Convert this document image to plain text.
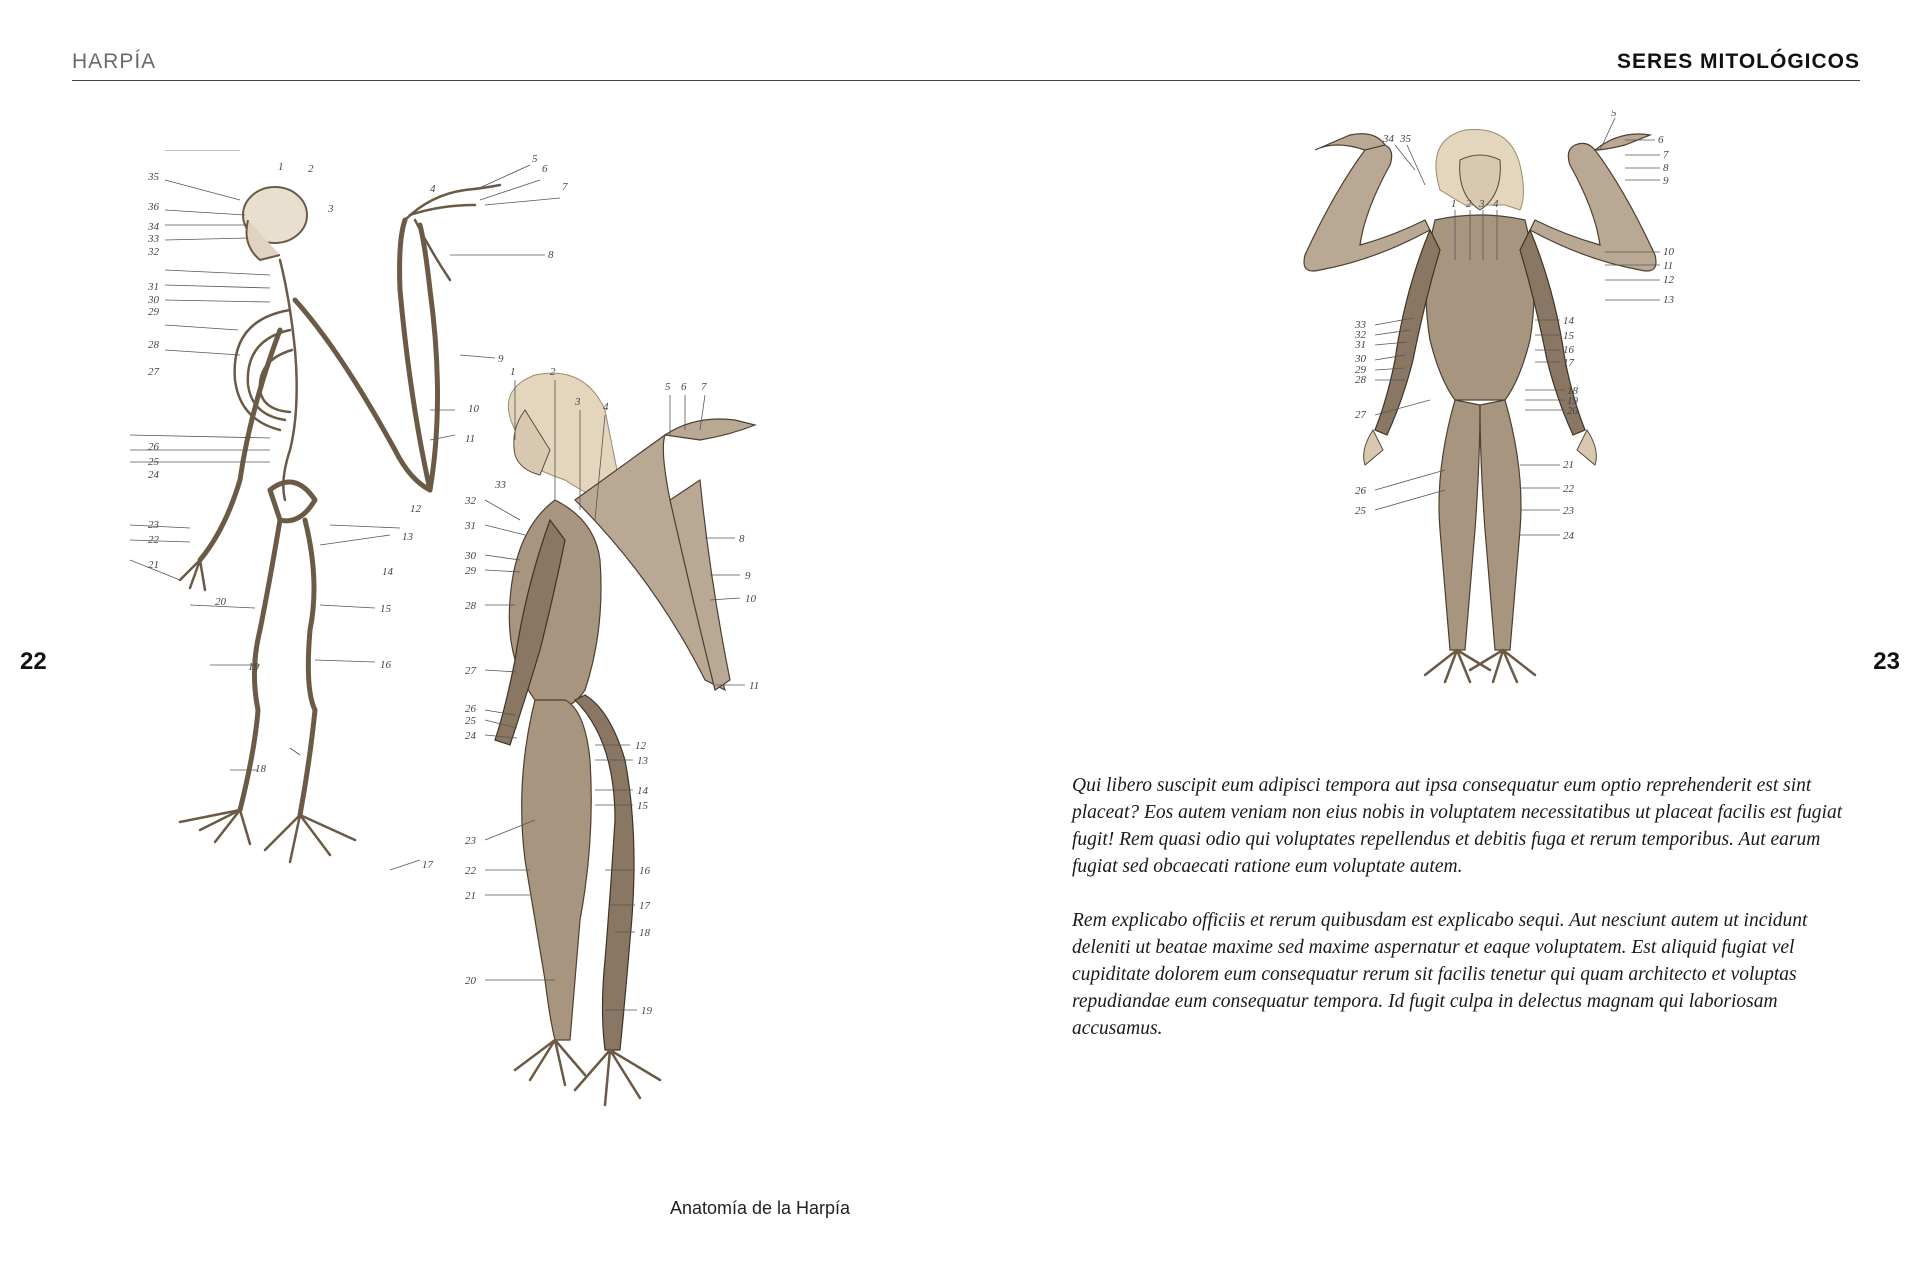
HARPÍA	SERES MITOLÓGICOS
22	23
35
36
34
33
32
31
30
29
28
27
26
25
24
23
22
21
20
19
18
17
16
15
14
13
12
11
10
9
8
7
6
5
4
3
2
1
1	2
3 4
5 6 7
8
9
10
11
12
13
14
15
16
17
18
19
20
21
22
23
24
25
26
27
28
29
30
31
32
33
Anatomía de la Harpía
34 35
1 2 3 4
5
6
7
8
9
10
11
12
13
14
15
16
17
18
19
20
21
22
23
24
25
26
27
28
29
30
31
32
33

Qui libero suscipit eum adipisci tempora aut ipsa consequatur eum optio reprehenderit est sint placeat? Eos autem veniam non eius nobis in voluptatem necessitatibus ut placeat facilis est fugiat fugit! Rem quasi odio qui voluptates repellendus et debitis fuga et rerum temporibus. Aut earum fugiat sed obcaecati ratione eum voluptate autem.

Rem explicabo officiis et rerum quibusdam est explicabo sequi. Aut nesciunt autem ut incidunt deleniti ut beatae maxime sed maxime aspernatur et eaque voluptatem. Est aliquid fugiat vel cupiditate dolorem eum consequatur rerum sit facilis tenetur qui quam architecto et voluptas repudiandae eum consequatur tempora. Id fugit culpa in delectus magnam qui laboriosam accusamus.
